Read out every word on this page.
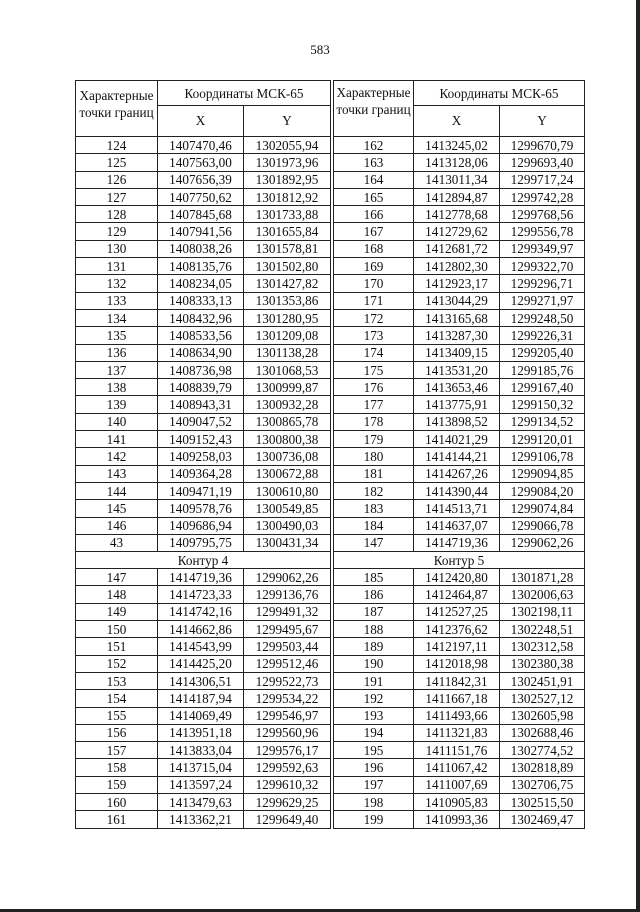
583
Характерные точки границ	Координаты МСК-65	
	X	Y
124	1407470,46	1302055,94
125	1407563,00	1301973,96
126	1407656,39	1301892,95
127	1407750,62	1301812,92
128	1407845,68	1301733,88
129	1407941,56	1301655,84
130	1408038,26	1301578,81
131	1408135,76	1301502,80
132	1408234,05	1301427,82
133	1408333,13	1301353,86
134	1408432,96	1301280,95
135	1408533,56	1301209,08
136	1408634,90	1301138,28
137	1408736,98	1301068,53
138	1408839,79	1300999,87
139	1408943,31	1300932,28
140	1409047,52	1300865,78
141	1409152,43	1300800,38
142	1409258,03	1300736,08
143	1409364,28	1300672,88
144	1409471,19	1300610,80
145	1409578,76	1300549,85
146	1409686,94	1300490,03
43	1409795,75	1300431,34
Контур 4		
147	1414719,36	1299062,26
148	1414723,33	1299136,76
149	1414742,16	1299491,32
150	1414662,86	1299495,67
151	1414543,99	1299503,44
152	1414425,20	1299512,46
153	1414306,51	1299522,73
154	1414187,94	1299534,22
155	1414069,49	1299546,97
156	1413951,18	1299560,96
157	1413833,04	1299576,17
158	1413715,04	1299592,63
159	1413597,24	1299610,32
160	1413479,63	1299629,25
161	1413362,21	1299649,40
Характерные точки границ	Координаты МСК-65	
	X	Y
162	1413245,02	1299670,79
163	1413128,06	1299693,40
164	1413011,34	1299717,24
165	1412894,87	1299742,28
166	1412778,68	1299768,56
167	1412729,62	1299556,78
168	1412681,72	1299349,97
169	1412802,30	1299322,70
170	1412923,17	1299296,71
171	1413044,29	1299271,97
172	1413165,68	1299248,50
173	1413287,30	1299226,31
174	1413409,15	1299205,40
175	1413531,20	1299185,76
176	1413653,46	1299167,40
177	1413775,91	1299150,32
178	1413898,52	1299134,52
179	1414021,29	1299120,01
180	1414144,21	1299106,78
181	1414267,26	1299094,85
182	1414390,44	1299084,20
183	1414513,71	1299074,84
184	1414637,07	1299066,78
147	1414719,36	1299062,26
Контур 5		
185	1412420,80	1301871,28
186	1412464,87	1302006,63
187	1412527,25	1302198,11
188	1412376,62	1302248,51
189	1412197,11	1302312,58
190	1412018,98	1302380,38
191	1411842,31	1302451,91
192	1411667,18	1302527,12
193	1411493,66	1302605,98
194	1411321,83	1302688,46
195	1411151,76	1302774,52
196	1411067,42	1302818,89
197	1411007,69	1302706,75
198	1410905,83	1302515,50
199	1410993,36	1302469,47
